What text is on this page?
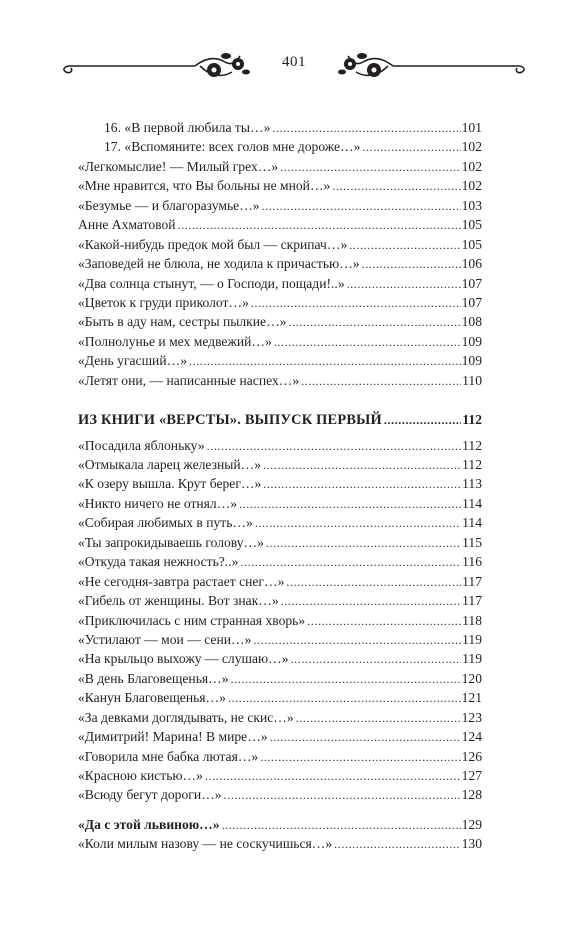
401
16. «В первой любила ты…» .....	101
17. «Вспомяните: всех голов мне дороже…» .....	102
«Легкомыслие! — Милый грех…» .....	102
«Мне нравится, что Вы больны не мной…» .....	102
«Безумье — и благоразумье…» .....	103
Анне Ахматовой .....	105
«Какой-нибудь предок мой был — скрипач…» .....	105
«Заповедей не блюла, не ходила к причастью…» .....	106
«Два солнца стынут, — о Господи, пощади!..» .....	107
«Цветок к груди приколот…» .....	107
«Быть в аду нам, сестры пылкие…» .....	108
«Полнолунье и мех медвежий…» .....	109
«День угасший…» .....	109
«Летят они, — написанные наспех…» .....	110
ИЗ КНИГИ «ВЕРСТЫ». ВЫПУСК ПЕРВЫЙ .....	112
«Посадила яблоньку» .....	112
«Отмыкала ларец железный…» .....	112
«К озеру вышла. Крут берег…» .....	113
«Никто ничего не отнял…» .....	114
«Собирая любимых в путь…» .....	114
«Ты запрокидываешь голову…» .....	115
«Откуда такая нежность?..» .....	116
«Не сегодня-завтра растает снег…» .....	117
«Гибель от женщины. Вот знак…» .....	117
«Приключилась с ним странная хворь» .....	118
«Устилают — мои — сени…» .....	119
«На крыльцо выхожу — слушаю…» .....	119
«В день Благовещенья…» .....	120
«Канун Благовещенья…» .....	121
«За девками доглядывать, не скис…» .....	123
«Димитрий! Марина! В мире…» .....	124
«Говорила мне бабка лютая…» .....	126
«Красною кистью…» .....	127
«Всюду бегут дороги…» .....	128
«Да с этой львиною…» .....	129
«Коли милым назову — не соскучишься…» .....	130
